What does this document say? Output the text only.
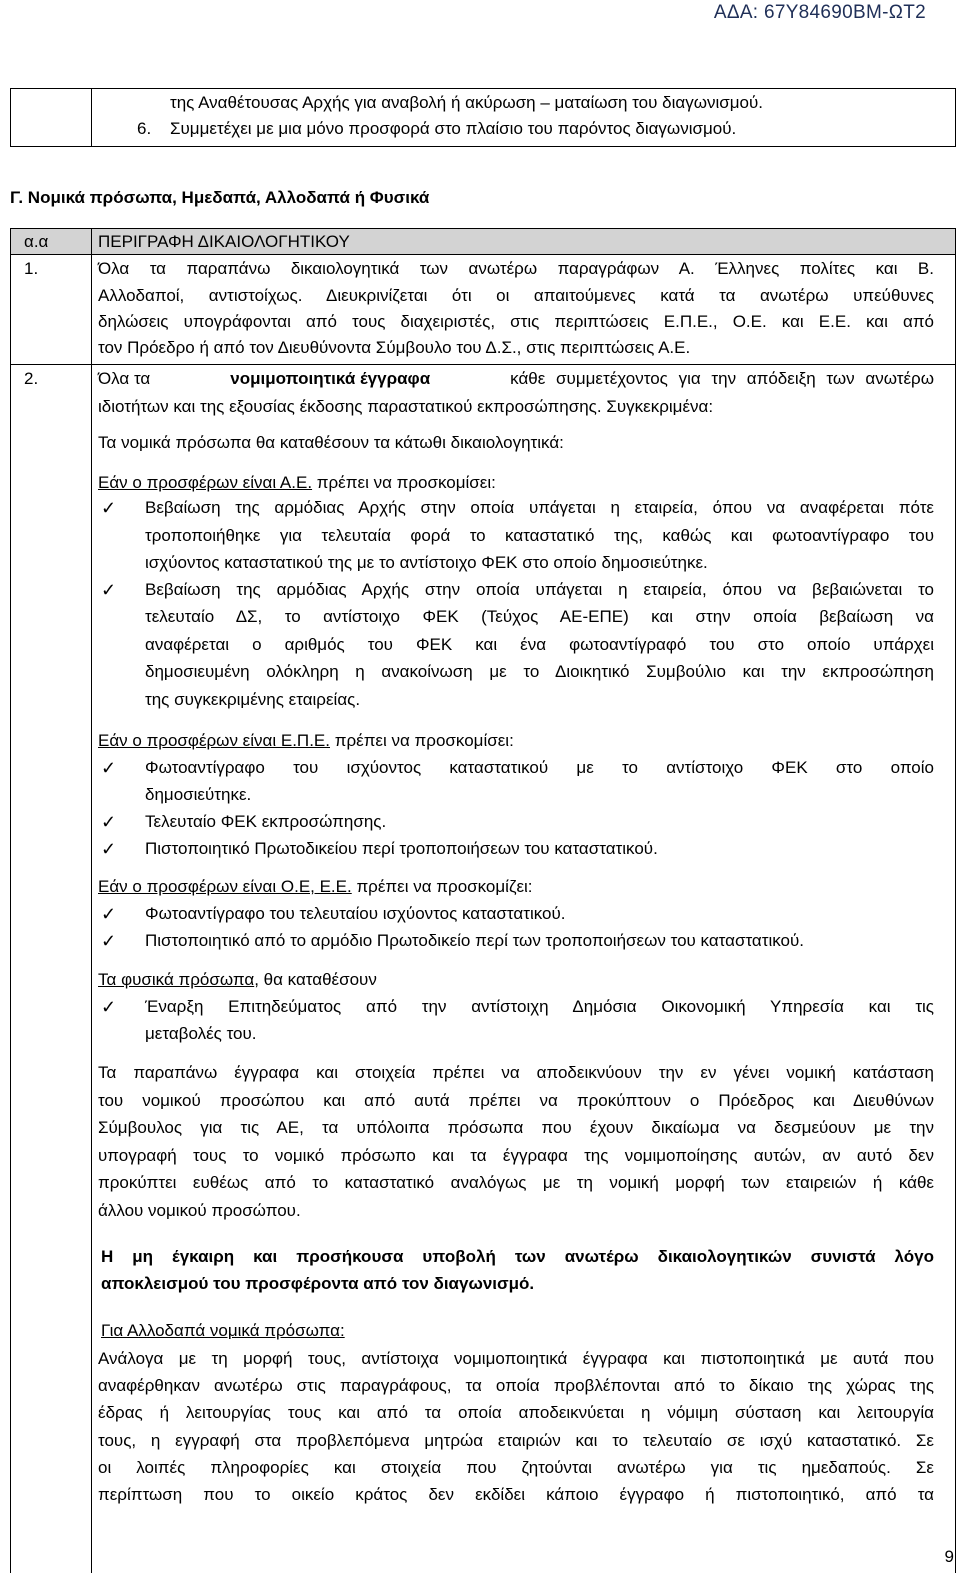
ΑΔΑ: 67Υ84690ΒΜ-ΩΤ2
της Αναθέτουσας Αρχής για αναβολή ή ακύρωση – ματαίωση του διαγωνισμού.
6. Συμμετέχει με μια μόνο προσφορά στο πλαίσιο του παρόντος διαγωνισμού.
Γ. Νομικά πρόσωπα, Ημεδαπά, Αλλοδαπά ή Φυσικά
α.α	ΠΕΡΙΓΡΑΦΗ ΔΙΚΑΙΟΛΟΓΗΤΙΚΟΥ
1.	Όλα τα παραπάνω δικαιολογητικά των ανωτέρω παραγράφων Α. Έλληνες πολίτες και Β.
Αλλοδαποί, αντιστοίχως. Διευκρινίζεται ότι οι απαιτούμενες κατά τα ανωτέρω υπεύθυνες
δηλώσεις υπογράφονται από τους διαχειριστές, στις περιπτώσεις Ε.Π.Ε., Ο.Ε. και Ε.Ε. και από
τον Πρόεδρο ή από τον Διευθύνοντα Σύμβουλο του Δ.Σ., στις περιπτώσεις Α.Ε.
2.	Όλα τα	νομιμοποιητικά έγγραφα	κάθε συμμετέχοντος για την απόδειξη των ανωτέρω
ιδιοτήτων και της εξουσίας έκδοσης παραστατικού εκπροσώπησης. Συγκεκριμένα:
Τα νομικά πρόσωπα θα καταθέσουν τα κάτωθι δικαιολογητικά:
Εάν ο προσφέρων είναι Α.Ε. πρέπει να προσκομίσει:
✓ Βεβαίωση της αρμόδιας Αρχής στην οποία υπάγεται η εταιρεία, όπου να αναφέρεται πότε
τροποποιήθηκε για τελευταία φορά το καταστατικό της, καθώς και φωτοαντίγραφο του
ισχύοντος καταστατικού της με το αντίστοιχο ΦΕΚ στο οποίο δημοσιεύτηκε.
✓ Βεβαίωση της αρμόδιας Αρχής στην οποία υπάγεται η εταιρεία, όπου να βεβαιώνεται το
τελευταίο ΔΣ, το αντίστοιχο ΦΕΚ (Τεύχος ΑΕ-ΕΠΕ) και στην οποία βεβαίωση να
αναφέρεται ο αριθμός του ΦΕΚ και ένα φωτοαντίγραφό του στο οποίο υπάρχει
δημοσιευμένη ολόκληρη η ανακοίνωση με το Διοικητικό Συμβούλιο και την εκπροσώπηση
της συγκεκριμένης εταιρείας.
Εάν ο προσφέρων είναι Ε.Π.Ε. πρέπει να προσκομίσει:
✓ Φωτοαντίγραφο του ισχύοντος καταστατικού με το αντίστοιχο ΦΕΚ στο οποίο
δημοσιεύτηκε.
✓ Τελευταίο ΦΕΚ εκπροσώπησης.
✓ Πιστοποιητικό Πρωτοδικείου περί τροποποιήσεων του καταστατικού.
Εάν ο προσφέρων είναι Ο.Ε, Ε.Ε. πρέπει να προσκομίζει:
✓ Φωτοαντίγραφο του τελευταίου ισχύοντος καταστατικού.
✓ Πιστοποιητικό από το αρμόδιο Πρωτοδικείο περί των τροποποιήσεων του καταστατικού.
Τα φυσικά πρόσωπα, θα καταθέσουν
✓ Έναρξη Επιτηδεύματος από την αντίστοιχη Δημόσια Οικονομική Υπηρεσία και τις
μεταβολές του.
Τα παραπάνω έγγραφα και στοιχεία πρέπει να αποδεικνύουν την εν γένει νομική κατάσταση
του νομικού προσώπου και από αυτά πρέπει να προκύπτουν ο Πρόεδρος και Διευθύνων
Σύμβουλος για τις ΑΕ, τα υπόλοιπα πρόσωπα που έχουν δικαίωμα να δεσμεύουν με την
υπογραφή τους το νομικό πρόσωπο και τα έγγραφα της νομιμοποίησης αυτών, αν αυτό δεν
προκύπτει ευθέως από το καταστατικό αναλόγως με τη νομική μορφή των εταιρειών ή κάθε
άλλου νομικού προσώπου.
Η μη έγκαιρη και προσήκουσα υποβολή των ανωτέρω δικαιολογητικών συνιστά λόγο
αποκλεισμού του προσφέροντα από τον διαγωνισμό.
Για Αλλοδαπά νομικά πρόσωπα:
Ανάλογα με τη μορφή τους, αντίστοιχα νομιμοποιητικά έγγραφα και πιστοποιητικά με αυτά που
αναφέρθηκαν ανωτέρω στις παραγράφους, τα οποία προβλέπονται από το δίκαιο της χώρας της
έδρας ή λειτουργίας τους και από τα οποία αποδεικνύεται η νόμιμη σύσταση και λειτουργία
τους, η εγγραφή στα προβλεπόμενα μητρώα εταιριών και το τελευταίο σε ισχύ καταστατικό. Σε
οι λοιπές πληροφορίες και στοιχεία που ζητούνται ανωτέρω για τις ημεδαπούς. Σε
περίπτωση που το οικείο κράτος δεν εκδίδει κάποιο έγγραφο ή πιστοποιητικό, από τα
9
